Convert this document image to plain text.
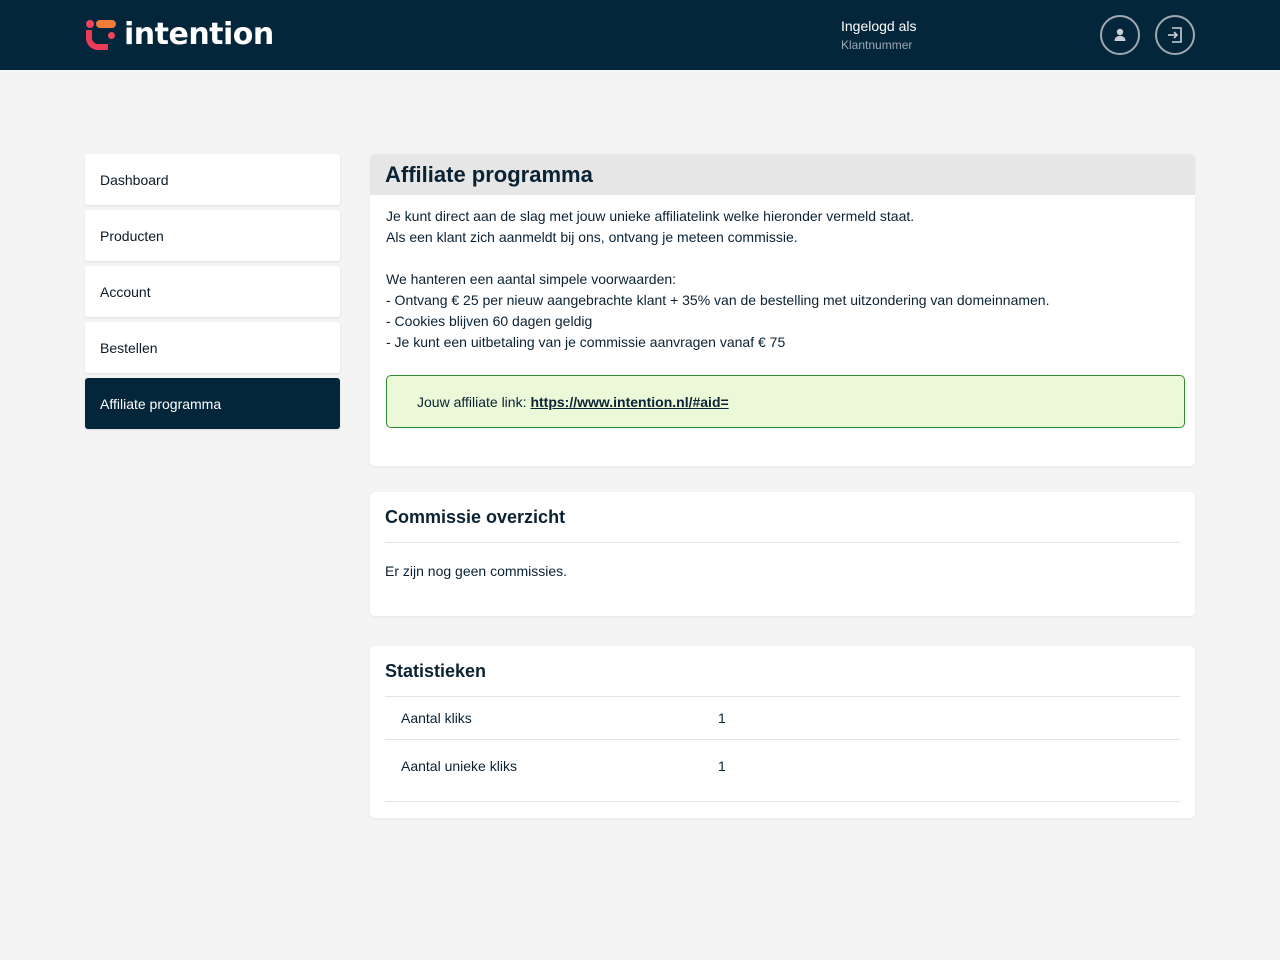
intention	Ingelogd als
Klantnummer
Dashboard
Producten
Account
Bestellen
Affiliate programma
Affiliate programma

Je kunt direct aan de slag met jouw unieke affiliatelink welke hieronder vermeld staat.

Als een klant zich aanmeldt bij ons, ontvang je meteen commissie.

We hanteren een aantal simpele voorwaarden:

- Ontvang € 25 per nieuw aangebrachte klant + 35% van de bestelling met uitzondering van domeinnamen.

- Cookies blijven 60 dagen geldig

- Je kunt een uitbetaling van je commissie aanvragen vanaf € 75

Jouw affiliate link: https://www.intention.nl/#aid=
Commissie overzicht
Er zijn nog geen commissies.
Statistieken
Aantal kliks	1
Aantal unieke kliks	1
